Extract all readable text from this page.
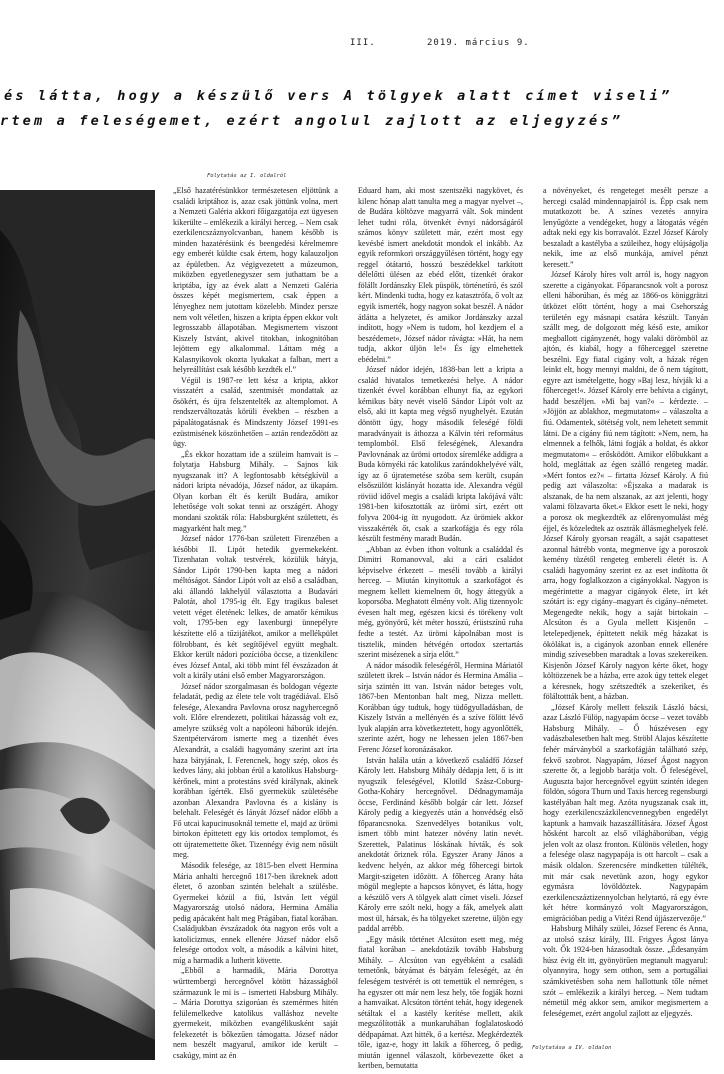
III.	2019. március 9.
és látta, hogy a készülő vers A tölgyek alatt címet viseli”
rtem a feleségemet, ezért angolul zajlott az eljegyzés”
Folytatás az I. oldalról

„Első hazatérésünkkor természetesen eljöttünk a családi kriptához is, azaz csak jöttünk volna, mert a Nemzeti Galéria akkori főigazgatója ezt ügyesen kikerülte – emlékezik a királyi herceg. – Nem csak ezerkilencszáznyolcvanban, hanem később is minden hazatérésünk és beengedési kérelmemre egy emberét küldte csak értem, hogy kalauzoljon az épületben. Az végigvezetett a múzeumon, miközben egyetlenegyszer sem juthattam be a kriptába, így az évek alatt a Nemzeti Galéria összes képét megismertem, csak éppen a lényeghez nem jutottam közelebb. Mindez persze nem volt véletlen, hiszen a kripta éppen ekkor volt legrosszabb állapotában. Megismertem viszont Kiszely Istvánt, akivel titokban, inkognitóban lejöttem egy alkalommal. Láttam még a Kalasnyikovok okozta lyukakat a falban, mert a helyreállítást csak később kezdték el.”

Végül is 1987-re lett kész a kripta, akkor visszatért a család, szentmisét mondattak az ősökért, és újra felszentelték az altemplomot. A rendszerváltozatás körüli években – részben a pápalátogatásnak és Mindszenty József 1991-es ezüstmisének köszönhetően – aztán rendeződött az ügy.

„És ekkor hozattam ide a szüleim hamvait is – folytatja Habsburg Mihály. – Sajnos kik nyugszanak itt? A legfontosabb kétségkívül a nádori kripta névadója, József nádor, az ükapám. Olyan korban élt és került Budára, amikor lehetősége volt sokat tenni az országért. Ahogy mondani szokták róla: Habsburgként születtett, és magyarként halt meg.”

József nádor 1776-ban született Firenzében a későbbi II. Lipót hetedik gyermekeként. Tizenhatan voltak testvérek, közülük bátyja, Sándor Lipót 1790-ben kapta meg a nádori méltóságot. Sándor Lipót volt az első a családban, aki állandó lakhelyül választotta a Budavári Palotát, ahol 1795-ig élt. Egy tragikus baleset vetett véget életének: lelkes, de amatőr kémikus volt, 1795-ben egy laxenburgi ünnepélyre készítette elő a tűzijátékot, amikor a mellékpület fölrobbant, és két segítőjével együtt meghalt. Ekkor került nádori pozícióba öccse, a tizenkilenc éves József Antal, aki több mint fél évszázadon át volt a király utáni első ember Magyarországon.

József nádor szorgalmasan és boldogan végezte feladatát, pedig az élete tele volt tragédiával. Első felesége, Alexandra Pavlovna orosz nagyhercegnő volt. Előre elrendezett, politikai házasság volt ez, amelyre szükség volt a napóleoni háborúk idején. Szentpétervárom ismerte meg a tizenhét éves Alexandrát, a családi hagyomány szerint azt írta haza bátyjának, I. Ferencnek, hogy szép, okos és kedves lány, aki jobban érül a katolikus Habsburg-kérőnek, mint a protestáns svéd királynak, akinek korábban ígérték. Első gyermekük születésébe azonban Alexandra Pavlovna és a kislány is belehalt. Feleségét és lányát József nádor előbb a Fő utcai kapucinusoknál temette el, majd az ürömi birtokon építtetett egy kis ortodox templomot, és ott újratemettette őket. Tizennégy évig nem nősült meg.

Második felesége, az 1815-ben elvett Hermina Mária anhalti hercegnő 1817-ben ikreknek adott életet, ő azonban szintén belehalt a szülésbe. Gyermekei közül a fiú, István lett végül Magyarország utolsó nádora, Hermina Amália pedig apácaként halt meg Prágában, fiatal korában. Családjukban évszázadok óta nagyon erős volt a katolicizmus, ennek ellenére József nádor első feleségе ortodox volt, a második a kálvini hitet, míg a harmadik a lutherit követte.

„Ebből a harmadik, Mária Dorottya württembergi hercegnővel kötött házasságból származunk le mi is – ismerteti Habsburg Mihály. – Mária Dorottya szigorúan és szemérmes hitén felülemelkedve katolikus valláshoz nevelte gyermekeit, miközben evangélikusként saját felekezetét is bőkezűen támogatta. József nádor nem beszélt magyarul, amikor ide került – csakúgy, mint az én

Eduard ham, aki most szentszéki nagykövet, és kilenc hónap alatt tanulta meg a magyar nyelvet –, de Budára költözve magyarrá vált. Sok mindent lehet tudni róla, ötvenkét évnyi nádorságáról számos könyv született már, ezért most egy kevésbé ismert anekdotát mondok el inkább. Az egyik reformkori országgyűlésen történt, hogy egy reggel ótátartó, hosszú beszédekkel tarkított délelőtti ülésen az ebéd előtt, tizenkét órakor fölállt Jordánszky Elek püspök, történetíró, és szól kért. Mindenki tudta, hogy ez katasztrófa, ő volt az egyik ismerték, hogy nagyon sokat beszél. A nádor átlátta a helyzetet, és amikor Jordánszky azzal indított, hogy »Nem is tudom, hol kezdjem el a beszédemet«, József nádor rávágta: »Hát, ha nem tudja, akkor üljön le!« És így elmehettek ebédelni.”

József nádor idején, 1838-ban lett a kripta a család hivatalos temetkezési helye. A nádor tizenkét évvel korábban elhunyt fia, az egykori kémikus báty nevét viselő Sándor Lipót volt az első, aki itt kapta meg végső nyughelyét. Ezután döntött úgy, hogy második feleségé földi maradványait is áthozza a Kálvin téri református templomból. Első feleségének, Alexandra Pavlovnának az ürömi ortodox síremléke addigra a Buda környéki rác katolikus zarándokhelyévé vált, így az ő újratemetése szóba sem került, csupán elsőszülött kislányát hozatta ide. Alexandra végül röviid idővel megis a családi kripta lakójává vált: 1981-ben kifosztották az ürömi sírt, ezért ott folyva 2004-ig ítt nyugodott. Az ürömiek akkor visszakérték őt, csak a szarkofágja és egy róla készült festmény maradt Budán.

„Abban az évben ithon voltunk a családdal és Dimitri Romanovval, aki a cári családot képviselve érkezett – meséli tovább a királyi herceg. – Miután kinyitottuk a szarkofágot és megnem kellett kiemelnem őt, hogy áttegyük a koporsóba. Meghatott élmény volt. Alig tizennyolc évesen halt meg, egészen kicsi és törékeny volt még, gyönyörű, két méter hosszú, érüstszínű ruha fedte a testét. Az ürömi kápolnában most is tisztelik, minden hétvégén ortodox szertartás szerint misézenek a sírja előtt.”

A nádor második feleségéről, Hermina Máriatól született ikrek – István nádor és Hermina Amália – sírja szintén itt van. István nádor beteges volt, 1867-ben Mentonban halt meg, Nizza mellett. Korábban úgy tudtuk, hogy tüdőgyulladásban, de Kiszely István a mellényén és a szíve fölött lévő lyuk alapján arra következtetett, hogy agyonlőtték, szerinte azért, hogy ne lehessen jelen 1867-ben Ferenc József koronázásakor.

István halála után a következő családfő József Károly lett. Habsburg Mihály dédapja lett, ő is itt nyugszik feleségével, Klotild Szász-Coburg-Gotha-Koháry hercegnővel. Dédnagymamája öccse, Ferdinánd később bolgár cár lett. József Károly pedig a kiegyezés után a honvédség első főparancsnoka. Szenvedélyes botanikus volt, ismert több mint hatezer növény latin nevét. Szerettek, Palatinus lóskának hívták, és sok anekdotát őriznek róla. Egyszer Arany János a kedvenc helyén, az akkor még főhercegi birtok Margit-szigeten időzött. A főherceg Arany háta mögül meglepte a hapcsos könyvet, és látta, hogy a készülő vers A tölgyek alatt címet viseli. József Károly erre szólt neki, hogy a fák, amelyek alatt most ül, hársak, és ha tölgyeket szeretne, üljön egy paddal arrébb.

„Egy másik történet Alcsúton esett meg, még fiatal korában – anekdotázik tovább Habsburg Mihály. – Alcsúton van egyébként a családi temetőnk, bátyámat és bátyám feleségét, az én feleségem testvérét is ott temettük el nemrégen, s ha egyszer ott már nem lesz hely, tőe fogják hozni a hamvaikat. Alcsúton történt tehát, hogy idegenek sétáltak el a kastély kerítése mellett, akik megszólították a munkaruhában foglalatoskodó dédpapámat. Azt hitték, ő a kertész. Megkérdezték tőle, igaz-e, hogy itt lakik a főherceg, ő pedig, miután igennel válaszolt, körbevezette őket a kertben, bemutatta

a növényeket, és rengeteget mesélt persze a hercegi család mindennapjairól is. Épp csak nem mutatkozott be. A színes vezetés annyira lenyűgözte a vendégeket, hogy a látogatás végén adtak neki egy kis borravalót. Ezzel József Károly beszaladt a kastélyba a szüleihez, hogy elújságolja nekik, íme az első munkája, amivel pénzt keresett.”

József Károly híres volt arról is, hogy nagyon szerette a cigányokat. Főparancsnok volt a porosz elleni háborúban, és még az 1866-os königgrätzi ütközet előtt történt, hogy a mai Csehország területén egy másnapi csatára készült. Tanyán szállt meg, de dolgozott még késő este, amikor megballott cigányzenét, hogy valaki dörömböl az ajtón, és kiabál, hogy a főherceggel szeretne beszélni. Egy fiatal cigány volt, a házak régen leinkt elt, hogy mennyi maldni, de ő nem tágított, egyre azt ismételgette, hogy »Baj lesz, hívják ki a főherceget!«. József Károly erre behívta a cigányt, hadd beszéljen. »Mi baj van?« – kérdezte. – »Jöjjön az ablakhoz, megmutatom« – válaszolta a fiú. Odamentek, sötétség volt, nem lehetett semmit látni. De a cigány fiú nem tágított: »Nem, nem, ha elmennek a felhők, látni fogják a holdat, és akkor megmutatom« – erősködött. Amikor előbukkant a hold, megláttak az égen szálló rengeteg madár. »Mért fontos ez?« – firtatta József Károly. A fiú pedig azt válaszolta: »Éjszaka a madarak is alszanak, de ha nem alszanak, az azt jelenti, hogy valami fölzavarta őket.« Ekkor esett le neki, hogy a porosz ok megkezdték az előrenyomulást még éjjel, és közeledtek az osztrák állásmeghelyek felé. József Károly gyorsan reagált, a saját csapatteset azonnal hátrébb vonta, megmenve így a poroszok kemény tüzétől rengeteg embereli életét is. A családi hagyomány szerint ez az eset indította őt arra, hogy foglalkozzon a cigányokkal. Nagyon is megérintette a magyar cigányok élete, írt két szótárt is: egy cigány–magyart és cigány–németet. Megengedte nekik, hogy a saját birtokain – Alcsúton és a Gyula mellett Kisjenőn – letelepedjenek, építtetett nekik még házakat is ökölákat is, a cigányok azonban ennek ellenére mindig szívesebben maradtak a lovas szekereiken. Kisjenőn József Károly nagyon kérte őket, hogy költözzenek be a házba, erre azok úgy tettek eleget a kéresnek, hogy szétszedték a szekeriket, és föláltottták bent, a házban.

„József Károly mellett fekszik László bácsi, azaz László Fülöp, nagyapám öccse – vezet tovább Habsburg Mihály. – Ő húszévesen egy vadászbalesetben halt meg. Ströbl Alajos készítette fehér márványból a szarkofágján található szép, fekvő szobrot. Nagyapám, József Ágost nagyon szerette őt, a legjobb barátja volt. Ő feleségével, Augusztа bajor hercegnővel együtt szintén idegen földön, sógora Thurn und Taxis herceg regensburgi kastélyában halt meg. Azóta nyugszanak csak itt, hogy ezerkilencszázkilencvennegyben engedélyt kaptunk a hamvaik hazaszállítására. József Ágost hősként harcolt az első világháborúban, végig jelen volt az olasz fronton. Különös véletlen, hogy a felesége olasz nagypapája is ott harcolt – csak a másik oldalon. Szerencsére mindketten túlélték, mit már csak nevetünk azon, hogy egykor egymásra lövöldöztek. Nagypapám ezerkilencszáztizennyolcban helytartó, rá egy évre két hétre kormányzó volt Magyarországon, emigrációban pedig a Vitézi Rend újjászervezője.”

Habsburg Mihály szülei, József Ferenc és Anna, az utolsó szász király, III. Frigyes Ágost lánya volt. Ők 1924-ben házasodtak össze. „Édesanyám húsz évig élt itt, gyönyörűen megtanult magyarul: olyannyira, hogy sem otthon, sem a portugáliai számkivetésben soha nem hallottunk tőle német szót – emlékezik a királyi herceg. – Nem tudtam németül még akkor sem, amikor megismertem a feleségemet, ezért angolul zajlott az eljegyzés.

Folytatása a IV. oldalon
